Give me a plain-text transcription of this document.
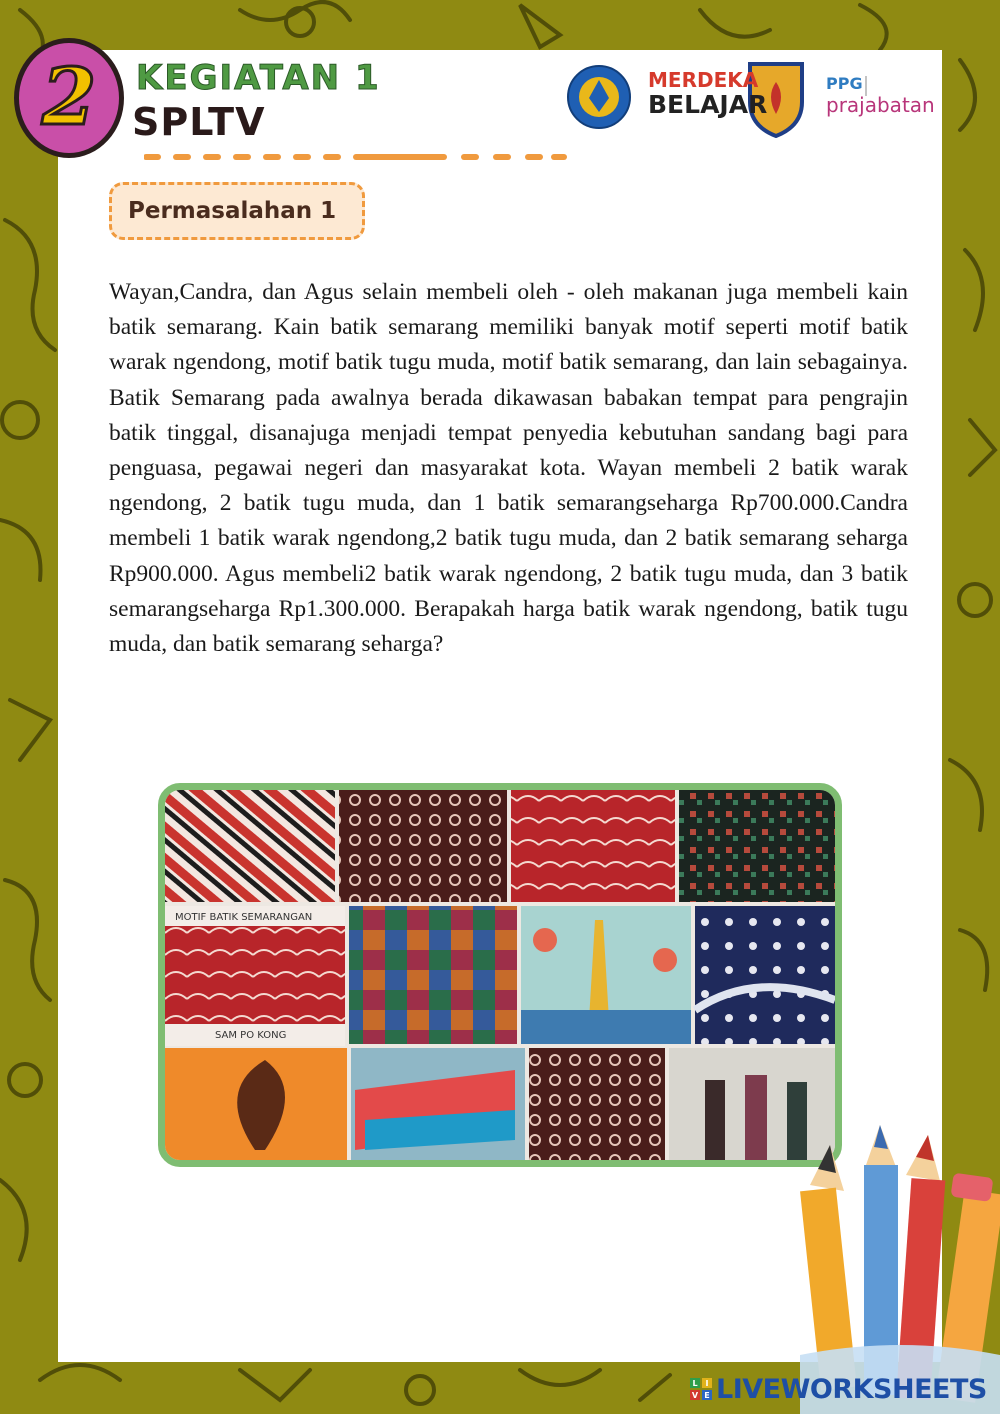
2 KEGIATAN 1
SPLTV
MERDEKA
BELAJAR
PPG
prajabatan
Permasalahan 1

Wayan,Candra, dan Agus selain membeli oleh - oleh makanan juga membeli kain batik semarang. Kain batik semarang memiliki banyak motif seperti motif batik warak ngendong, motif batik tugu muda, motif batik semarang, dan lain sebagainya. Batik Semarang pada awalnya berada dikawasan babakan tempat para pengrajin batik tinggal, disanajuga menjadi tempat penyedia kebutuhan sandang bagi para penguasa, pegawai negeri dan masyarakat kota. Wayan membeli 2 batik warak ngendong, 2 batik tugu muda, dan 1 batik semarangseharga Rp700.000.Candra membeli 1 batik warak ngendong,2 batik tugu muda, dan 2 batik semarang seharga Rp900.000. Agus membeli2 batik warak ngendong, 2 batik tugu muda, dan 3 batik semarangseharga Rp1.300.000. Berapakah harga batik warak ngendong, batik tugu muda, dan batik semarang seharga?

MOTIF BATIK SEMARANGAN
SAM PO KONG
L I
V E LIVEWORKSHEETS
